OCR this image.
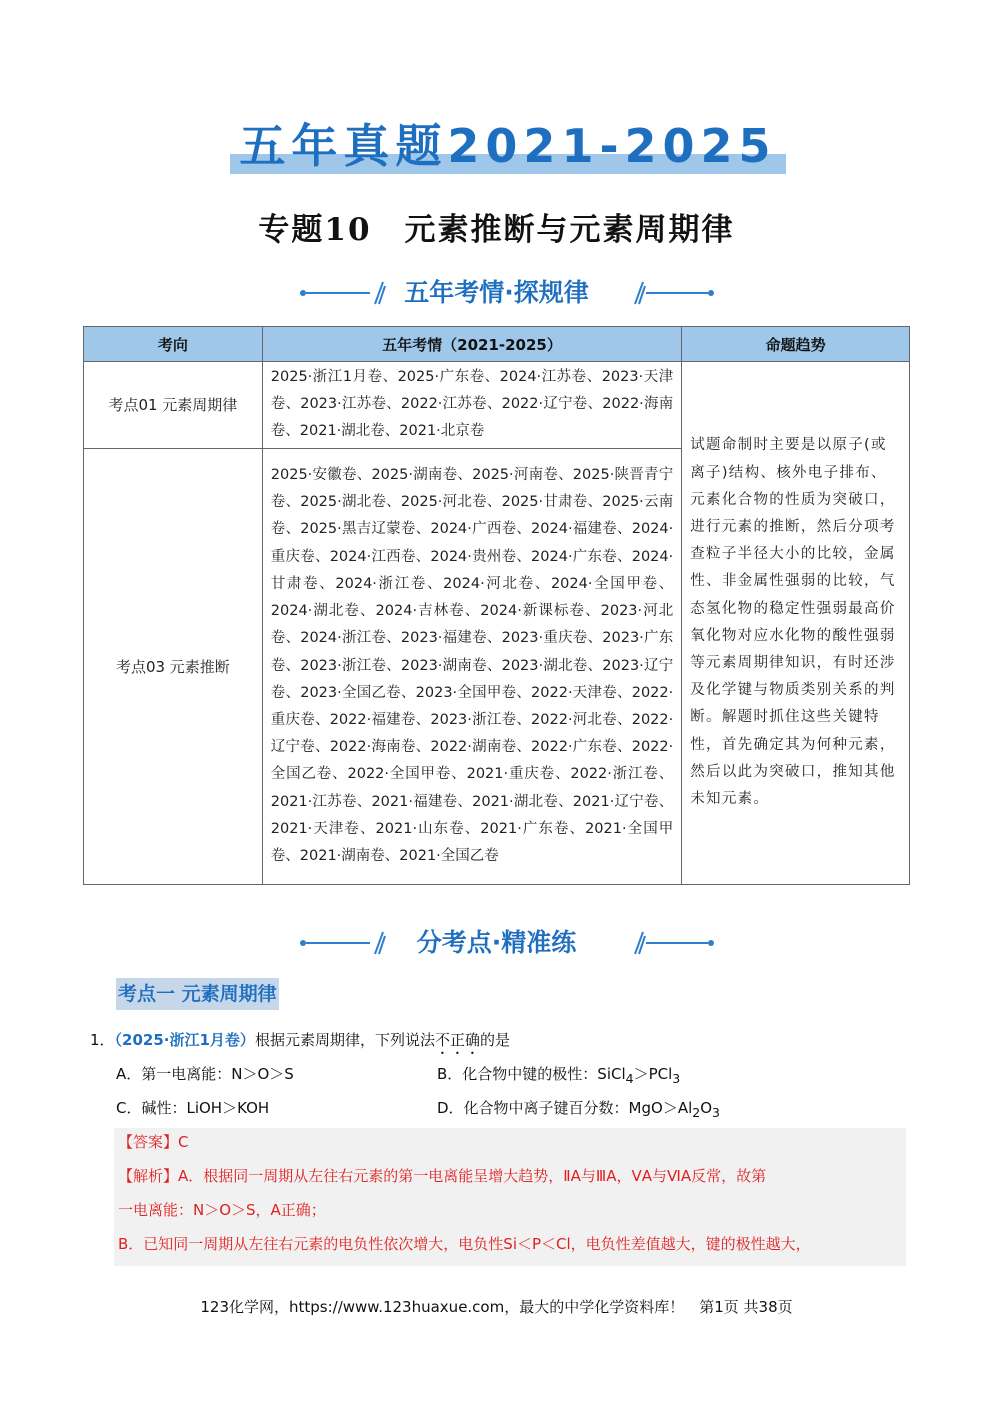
五年真题2021-2025
专题10　元素推断与元素周期律
五年考情·探规律
考向	五年考情（2021-2025）	命题趋势
考点01 元素周期律	2025·浙江1月卷、2025·广东卷、2024·江苏卷、2023·天津卷、2023·江苏卷、2022·江苏卷、2022·辽宁卷、2022·海南卷、2021·湖北卷、2021·北京卷	试题命制时主要是以原子(或离子)结构、核外电子排布、元素化合物的性质为突破口，进行元素的推断，然后分项考查粒子半径大小的比较，金属性、非金属性强弱的比较，气态氢化物的稳定性强弱最高价氧化物对应水化物的酸性强弱等元素周期律知识，有时还涉及化学键与物质类别关系的判断。解题时抓住这些关键特性，首先确定其为何种元素，然后以此为突破口，推知其他未知元素。
考点03 元素推断	2025·安徽卷、2025·湖南卷、2025·河南卷、2025·陕晋青宁卷、2025·湖北卷、2025·河北卷、2025·甘肃卷、2025·云南卷、2025·黑吉辽蒙卷、2024·广西卷、2024·福建卷、2024·重庆卷、2024·江西卷、2024·贵州卷、2024·广东卷、2024·甘肃卷、2024·浙江卷、2024·河北卷、2024·全国甲卷、2024·湖北卷、2024·吉林卷、2024·新课标卷、2023·河北卷、2024·浙江卷、2023·福建卷、2023·重庆卷、2023·广东卷、2023·浙江卷、2023·湖南卷、2023·湖北卷、2023·辽宁卷、2023·全国乙卷、2023·全国甲卷、2022·天津卷、2022·重庆卷、2022·福建卷、2023·浙江卷、2022·河北卷、2022·辽宁卷、2022·海南卷、2022·湖南卷、2022·广东卷、2022·全国乙卷、2022·全国甲卷、2021·重庆卷、2022·浙江卷、2021·江苏卷、2021·福建卷、2021·湖北卷、2021·辽宁卷、2021·天津卷、2021·山东卷、2021·广东卷、2021·全国甲卷、2021·湖南卷、2021·全国乙卷	
分考点·精准练
考点一 元素周期律
1．（2025·浙江1月卷）根据元素周期律，下列说法不正确的是
A．第一电离能：N＞O＞S	B．化合物中键的极性：SiCl$_4$＞PCl$_3$
C．碱性：LiOH＞KOH	D．化合物中离子键百分数：$MgO>Al_2O_3$
【答案】C
【解析】A．根据同一周期从左往右元素的第一电离能呈增大趋势，ⅡA与ⅢA，ⅤA与ⅥA反常，故第
一电离能：N＞O＞S，A正确；
B．已知同一周期从左往右元素的电负性依次增大，电负性Si＜P＜Cl，电负性差值越大，键的极性越大，
123化学网，https://www.123huaxue.com，最大的中学化学资料库！　第1页 共38页
